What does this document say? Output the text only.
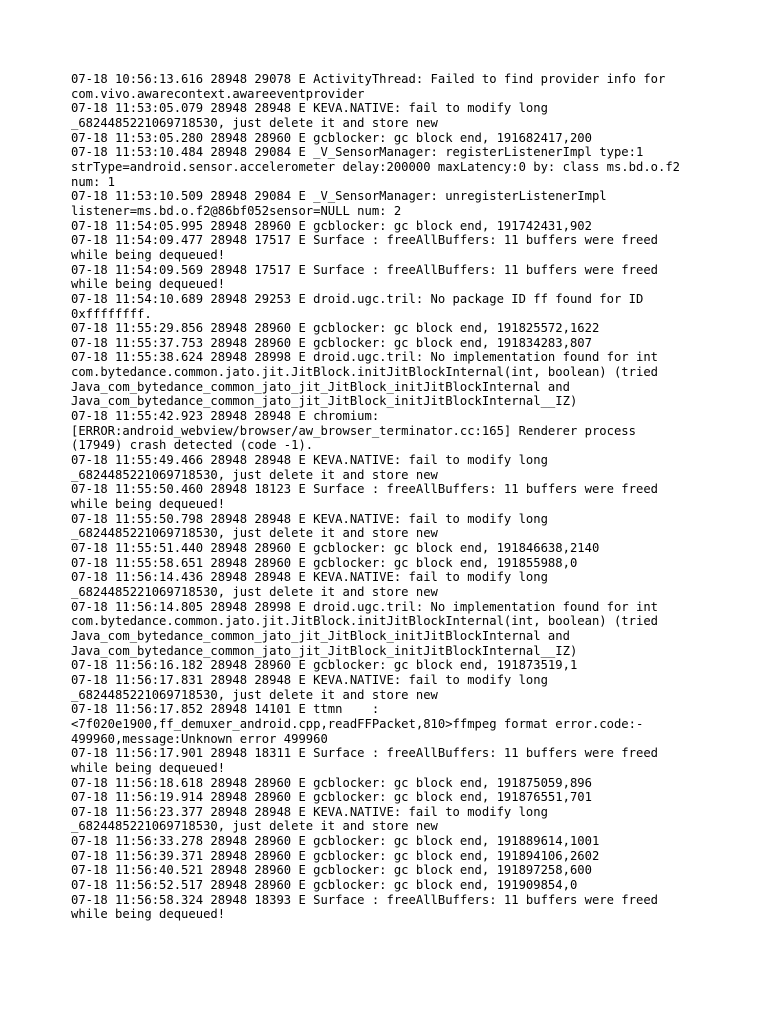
07-18 10:56:13.616 28948 29078 E ActivityThread: Failed to find provider info for
com.vivo.awarecontext.awareeventprovider
07-18 11:53:05.079 28948 28948 E KEVA.NATIVE: fail to modify long
_6824485221069718530, just delete it and store new
07-18 11:53:05.280 28948 28960 E gcblocker: gc block end, 191682417,200
07-18 11:53:10.484 28948 29084 E _V_SensorManager: registerListenerImpl type:1
strType=android.sensor.accelerometer delay:200000 maxLatency:0 by: class ms.bd.o.f2
num: 1
07-18 11:53:10.509 28948 29084 E _V_SensorManager: unregisterListenerImpl
listener=ms.bd.o.f2@86bf052sensor=NULL num: 2
07-18 11:54:05.995 28948 28960 E gcblocker: gc block end, 191742431,902
07-18 11:54:09.477 28948 17517 E Surface : freeAllBuffers: 11 buffers were freed
while being dequeued!
07-18 11:54:09.569 28948 17517 E Surface : freeAllBuffers: 11 buffers were freed
while being dequeued!
07-18 11:54:10.689 28948 29253 E droid.ugc.tril: No package ID ff found for ID
0xffffffff.
07-18 11:55:29.856 28948 28960 E gcblocker: gc block end, 191825572,1622
07-18 11:55:37.753 28948 28960 E gcblocker: gc block end, 191834283,807
07-18 11:55:38.624 28948 28998 E droid.ugc.tril: No implementation found for int
com.bytedance.common.jato.jit.JitBlock.initJitBlockInternal(int, boolean) (tried
Java_com_bytedance_common_jato_jit_JitBlock_initJitBlockInternal and
Java_com_bytedance_common_jato_jit_JitBlock_initJitBlockInternal__IZ)
07-18 11:55:42.923 28948 28948 E chromium:
[ERROR:android_webview/browser/aw_browser_terminator.cc:165] Renderer process
(17949) crash detected (code -1).
07-18 11:55:49.466 28948 28948 E KEVA.NATIVE: fail to modify long
_6824485221069718530, just delete it and store new
07-18 11:55:50.460 28948 18123 E Surface : freeAllBuffers: 11 buffers were freed
while being dequeued!
07-18 11:55:50.798 28948 28948 E KEVA.NATIVE: fail to modify long
_6824485221069718530, just delete it and store new
07-18 11:55:51.440 28948 28960 E gcblocker: gc block end, 191846638,2140
07-18 11:55:58.651 28948 28960 E gcblocker: gc block end, 191855988,0
07-18 11:56:14.436 28948 28948 E KEVA.NATIVE: fail to modify long
_6824485221069718530, just delete it and store new
07-18 11:56:14.805 28948 28998 E droid.ugc.tril: No implementation found for int
com.bytedance.common.jato.jit.JitBlock.initJitBlockInternal(int, boolean) (tried
Java_com_bytedance_common_jato_jit_JitBlock_initJitBlockInternal and
Java_com_bytedance_common_jato_jit_JitBlock_initJitBlockInternal__IZ)
07-18 11:56:16.182 28948 28960 E gcblocker: gc block end, 191873519,1
07-18 11:56:17.831 28948 28948 E KEVA.NATIVE: fail to modify long
_6824485221069718530, just delete it and store new
07-18 11:56:17.852 28948 14101 E ttmn    :
<7f020e1900,ff_demuxer_android.cpp,readFFPacket,810>ffmpeg format error.code:-
499960,message:Unknown error 499960
07-18 11:56:17.901 28948 18311 E Surface : freeAllBuffers: 11 buffers were freed
while being dequeued!
07-18 11:56:18.618 28948 28960 E gcblocker: gc block end, 191875059,896
07-18 11:56:19.914 28948 28960 E gcblocker: gc block end, 191876551,701
07-18 11:56:23.377 28948 28948 E KEVA.NATIVE: fail to modify long
_6824485221069718530, just delete it and store new
07-18 11:56:33.278 28948 28960 E gcblocker: gc block end, 191889614,1001
07-18 11:56:39.371 28948 28960 E gcblocker: gc block end, 191894106,2602
07-18 11:56:40.521 28948 28960 E gcblocker: gc block end, 191897258,600
07-18 11:56:52.517 28948 28960 E gcblocker: gc block end, 191909854,0
07-18 11:56:58.324 28948 18393 E Surface : freeAllBuffers: 11 buffers were freed
while being dequeued!
